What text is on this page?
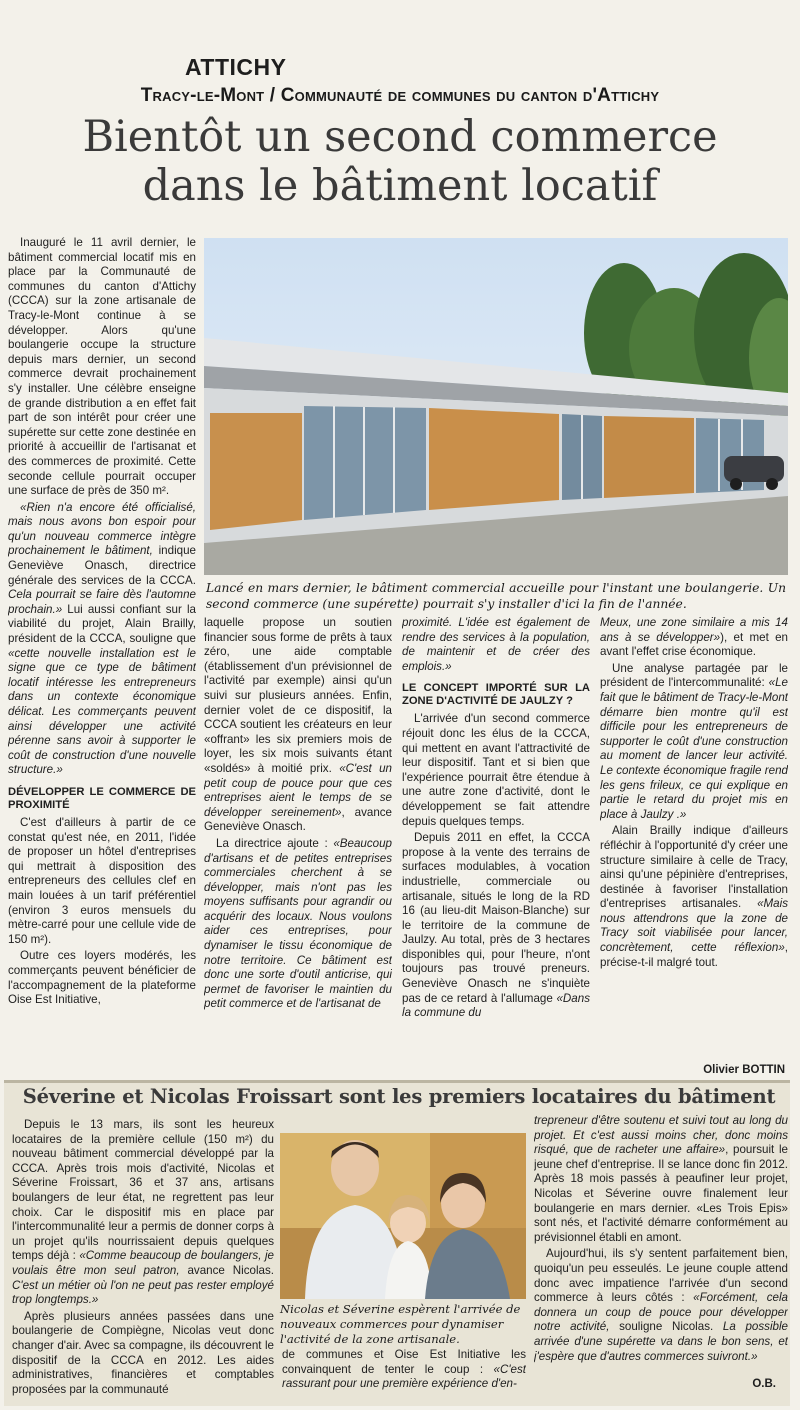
ATTICHY
Tracy-le-Mont / Communauté de communes du canton d'Attichy
Bientôt un second commerce
dans le bâtiment locatif

Inauguré le 11 avril dernier, le bâtiment commercial locatif mis en place par la Communauté de communes du canton d'Attichy (CCCA) sur la zone artisanale de Tracy-le-Mont continue à se développer. Alors qu'une boulangerie occupe la structure depuis mars dernier, un second commerce devrait prochainement s'y installer. Une célèbre enseigne de grande distribution a en effet fait part de son intérêt pour créer une supérette sur cette zone destinée en priorité à accueillir de l'artisanat et des commerces de proximité. Cette seconde cellule pourrait occuper une surface de près de 350 m².

«Rien n'a encore été officialisé, mais nous avons bon espoir pour qu'un nouveau commerce intègre prochainement le bâtiment, indique Geneviève Onasch, directrice générale des services de la CCCA. Cela pourrait se faire dès l'automne prochain.» Lui aussi confiant sur la viabilité du projet, Alain Brailly, président de la CCCA, souligne que «cette nouvelle installation est le signe que ce type de bâtiment locatif intéresse les entrepreneurs dans un contexte économique délicat. Les commerçants peuvent ainsi développer une activité pérenne sans avoir à supporter le coût de construction d'une nouvelle structure.»

DÉVELOPPER LE COMMERCE DE PROXIMITÉ

C'est d'ailleurs à partir de ce constat qu'est née, en 2011, l'idée de proposer un hôtel d'entreprises qui mettrait à disposition des entrepreneurs des cellules clef en main louées à un tarif préférentiel (environ 3 euros mensuels du mètre-carré pour une cellule vide de 150 m²).

Outre ces loyers modérés, les commerçants peuvent bénéficier de l'accompagnement de la plateforme Oise Est Initiative,

Lancé en mars dernier, le bâtiment commercial accueille pour l'instant une boulangerie. Un second commerce (une supérette) pourrait s'y installer d'ici la fin de l'année.

laquelle propose un soutien financier sous forme de prêts à taux zéro, une aide comptable (établissement d'un prévisionnel de l'activité par exemple) ainsi qu'un suivi sur plusieurs années. Enfin, dernier volet de ce dispositif, la CCCA soutient les créateurs en leur «offrant» les six premiers mois de loyer, les six mois suivants étant «soldés» à moitié prix. «C'est un petit coup de pouce pour que ces entreprises aient le temps de se développer sereinement», avance Geneviève Onasch.

La directrice ajoute : «Beaucoup d'artisans et de petites entreprises commerciales cherchent à se développer, mais n'ont pas les moyens suffisants pour agrandir ou acquérir des locaux. Nous voulons aider ces entreprises, pour dynamiser le tissu économique de notre territoire. Ce bâtiment est donc une sorte d'outil anticrise, qui permet de favoriser le maintien du petit commerce et de l'artisanat de

proximité. L'idée est également de rendre des services à la population, de maintenir et de créer des emplois.»

LE CONCEPT IMPORTÉ SUR LA ZONE D'ACTIVITÉ DE JAULZY ?

L'arrivée d'un second commerce réjouit donc les élus de la CCCA, qui mettent en avant l'attractivité de leur dispositif. Tant et si bien que l'expérience pourrait être étendue à une autre zone d'activité, dont le développement se fait attendre depuis quelques temps.

Depuis 2011 en effet, la CCCA propose à la vente des terrains de surfaces modulables, à vocation industrielle, commerciale ou artisanale, situés le long de la RD 16 (au lieu-dit Maison-Blanche) sur le territoire de la commune de Jaulzy. Au total, près de 3 hectares disponibles qui, pour l'heure, n'ont toujours pas trouvé preneurs. Geneviève Onasch ne s'inquiète pas de ce retard à l'allumage «Dans la commune du

Meux, une zone similaire a mis 14 ans à se développer»), et met en avant l'effet crise économique.

Une analyse partagée par le président de l'intercommunalité: «Le fait que le bâtiment de Tracy-le-Mont démarre bien montre qu'il est difficile pour les entrepreneurs de supporter le coût d'une construction au moment de lancer leur activité. Le contexte économique fragile rend les gens frileux, ce qui explique en partie le retard du projet mis en place à Jaulzy .»

Alain Brailly indique d'ailleurs réfléchir à l'opportunité d'y créer une structure similaire à celle de Tracy, ainsi qu'une pépinière d'entreprises, destinée à favoriser l'installation d'entreprises artisanales. «Mais nous attendrons que la zone de Tracy soit viabilisée pour lancer, concrètement, cette réflexion», précise-t-il malgré tout.

Olivier BOTTIN
Séverine et Nicolas Froissart sont les premiers locataires du bâtiment

Depuis le 13 mars, ils sont les heureux locataires de la première cellule (150 m²) du nouveau bâtiment commercial développé par la CCCA. Après trois mois d'activité, Nicolas et Séverine Froissart, 36 et 37 ans, artisans boulangers de leur état, ne regrettent pas leur choix. Car le dispositif mis en place par l'intercommunalité leur a permis de donner corps à un projet qu'ils nourrissaient depuis quelques temps déjà : «Comme beaucoup de boulangers, je voulais être mon seul patron, avance Nicolas. C'est un métier où l'on ne peut pas rester employé trop longtemps.»

Après plusieurs années passées dans une boulangerie de Compiègne, Nicolas veut donc changer d'air. Avec sa compagne, ils découvrent le dispositif de la CCCA en 2012. Les aides administratives, financières et comptables proposées par la communauté

Nicolas et Séverine espèrent l'arrivée de nouveaux commerces pour dynamiser l'activité de la zone artisanale.

de communes et Oise Est Initiative les convainquent de tenter le coup : «C'est rassurant pour une première expérience d'en-

trepreneur d'être soutenu et suivi tout au long du projet. Et c'est aussi moins cher, donc moins risqué, que de racheter une affaire», poursuit le jeune chef d'entreprise. Il se lance donc fin 2012. Après 18 mois passés à peaufiner leur projet, Nicolas et Séverine ouvre finalement leur boulangerie en mars dernier. «Les Trois Epis» sont nés, et l'activité démarre conformément au prévisionnel établi en amont.

Aujourd'hui, ils s'y sentent parfaitement bien, quoiqu'un peu esseulés. Le jeune couple attend donc avec impatience l'arrivée d'un second commerce à leurs côtés : «Forcément, cela donnera un coup de pouce pour développer notre activité, souligne Nicolas. La possible arrivée d'une supérette va dans le bon sens, et j'espère que d'autres commerces suivront.»

O.B.
